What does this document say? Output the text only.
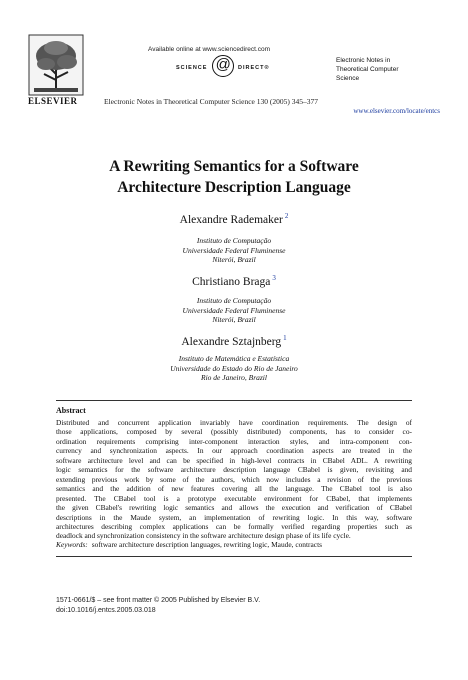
ELSEVIER
Available online at www.sciencedirect.com
SCIENCE @	DIRECT®
Electronic Notes in
Theoretical Computer
Science
Electronic Notes in Theoretical Computer Science 130 (2005) 345–377
www.elsevier.com/locate/entcs
A Rewriting Semantics for a Software
Architecture Description Language
Alexandre Rademaker $^2$
Instituto de Computação
Universidade Federal Fluminense
Niterói, Brazil
Christiano Braga $^3$
Instituto de Computação
Universidade Federal Fluminense
Niterói, Brazil
Alexandre Sztajnberg $^1$
Instituto de Matemática e Estatística
Universidade do Estado do Rio de Janeiro
Rio de Janeiro, Brazil
Abstract
Distributed and concurrent application invariably have coordination requirements. The design of
those applications, composed by several (possibly distributed) components, has to consider co-
ordination requirements comprising inter-component interaction styles, and intra-component con-
currency and synchronization aspects. In our approach coordination aspects are treated in the
software architecture level and can be specified in high-level contracts in CBabel ADL. A rewriting
logic semantics for the software architecture description language CBabel is given, revisiting and
extending previous work by some of the authors, which now includes a revision of the previous
semantics and the addition of new features covering all the language. The CBabel tool is also
presented. The CBabel tool is a prototype executable environment for CBabel, that implements
the given CBabel's rewriting logic semantics and allows the execution and verification of CBabel
descriptions in the Maude system, an implementation of rewriting logic. In this way, software
architectures describing complex applications can be formally verified regarding properties such as
deadlock and synchronization consistency in the software architecture design phase of its life cycle.
Keywords: software architecture description languages, rewriting logic, Maude, contracts
1571-0661/$ – see front matter © 2005 Published by Elsevier B.V.
doi:10.1016/j.entcs.2005.03.018
